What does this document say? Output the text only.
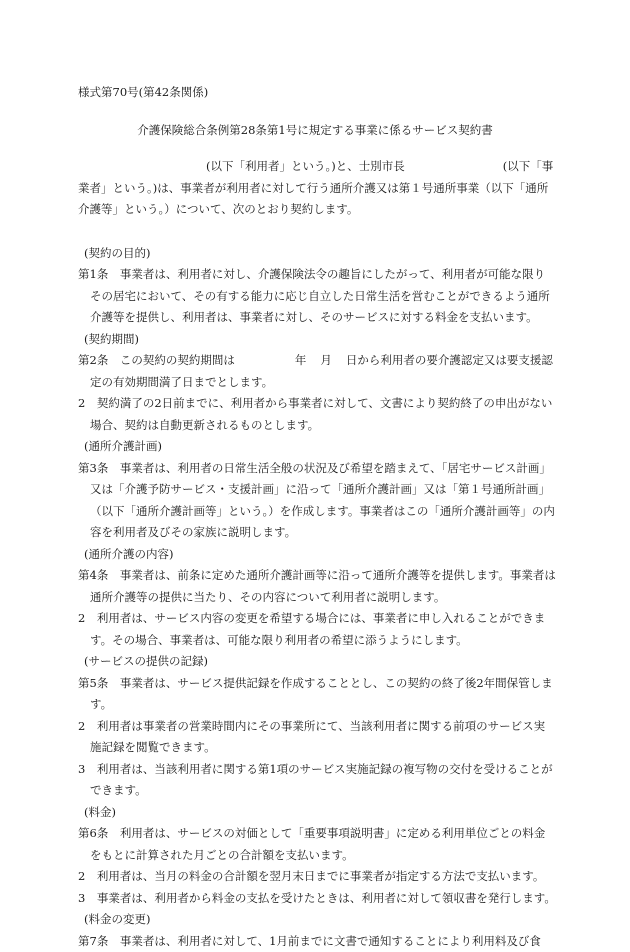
様式第70号(第42条関係)
介護保険総合条例第28条第1号に規定する事業に係るサービス契約書
(以下「利用者」という。)と、士別市長	(以下「事業者」という。)は、事業者が利用者に対して行う通所介護又は第１号通所事業（以下「通所介護等」という。）について、次のとおり契約します。
(契約の目的)
第1条　事業者は、利用者に対し、介護保険法令の趣旨にしたがって、利用者が可能な限りその居宅において、その有する能力に応じ自立した日常生活を営むことができるよう通所介護等を提供し、利用者は、事業者に対し、そのサービスに対する料金を支払います。
(契約期間)
第2条　この契約の契約期間は	年 月 日から利用者の要介護認定又は要支援認定の有効期間満了日までとします。
2　契約満了の2日前までに、利用者から事業者に対して、文書により契約終了の申出がない場合、契約は自動更新されるものとします。
(通所介護計画)
第3条　事業者は、利用者の日常生活全般の状況及び希望を踏まえて、「居宅サービス計画」又は「介護予防サービス・支援計画」に沿って「通所介護計画」又は「第１号通所計画」（以下「通所介護計画等」という。）を作成します。事業者はこの「通所介護計画等」の内容を利用者及びその家族に説明します。
(通所介護の内容)
第4条　事業者は、前条に定めた通所介護計画等に沿って通所介護等を提供します。事業者は通所介護等の提供に当たり、その内容について利用者に説明します。
2　利用者は、サービス内容の変更を希望する場合には、事業者に申し入れることができます。その場合、事業者は、可能な限り利用者の希望に添うようにします。
(サービスの提供の記録)
第5条　事業者は、サービス提供記録を作成することとし、この契約の終了後2年間保管します。
2　利用者は事業者の営業時間内にその事業所にて、当該利用者に関する前項のサービス実施記録を閲覧できます。
3　利用者は、当該利用者に関する第1項のサービス実施記録の複写物の交付を受けることができます。
(料金)
第6条　利用者は、サービスの対価として「重要事項説明書」に定める利用単位ごとの料金をもとに計算された月ごとの合計額を支払います。
2　利用者は、当月の料金の合計額を翌月末日までに事業者が指定する方法で支払います。
3　事業者は、利用者から料金の支払を受けたときは、利用者に対して領収書を発行します。
(料金の変更)
第7条　事業者は、利用者に対して、1月前までに文書で通知することにより利用料及び食
